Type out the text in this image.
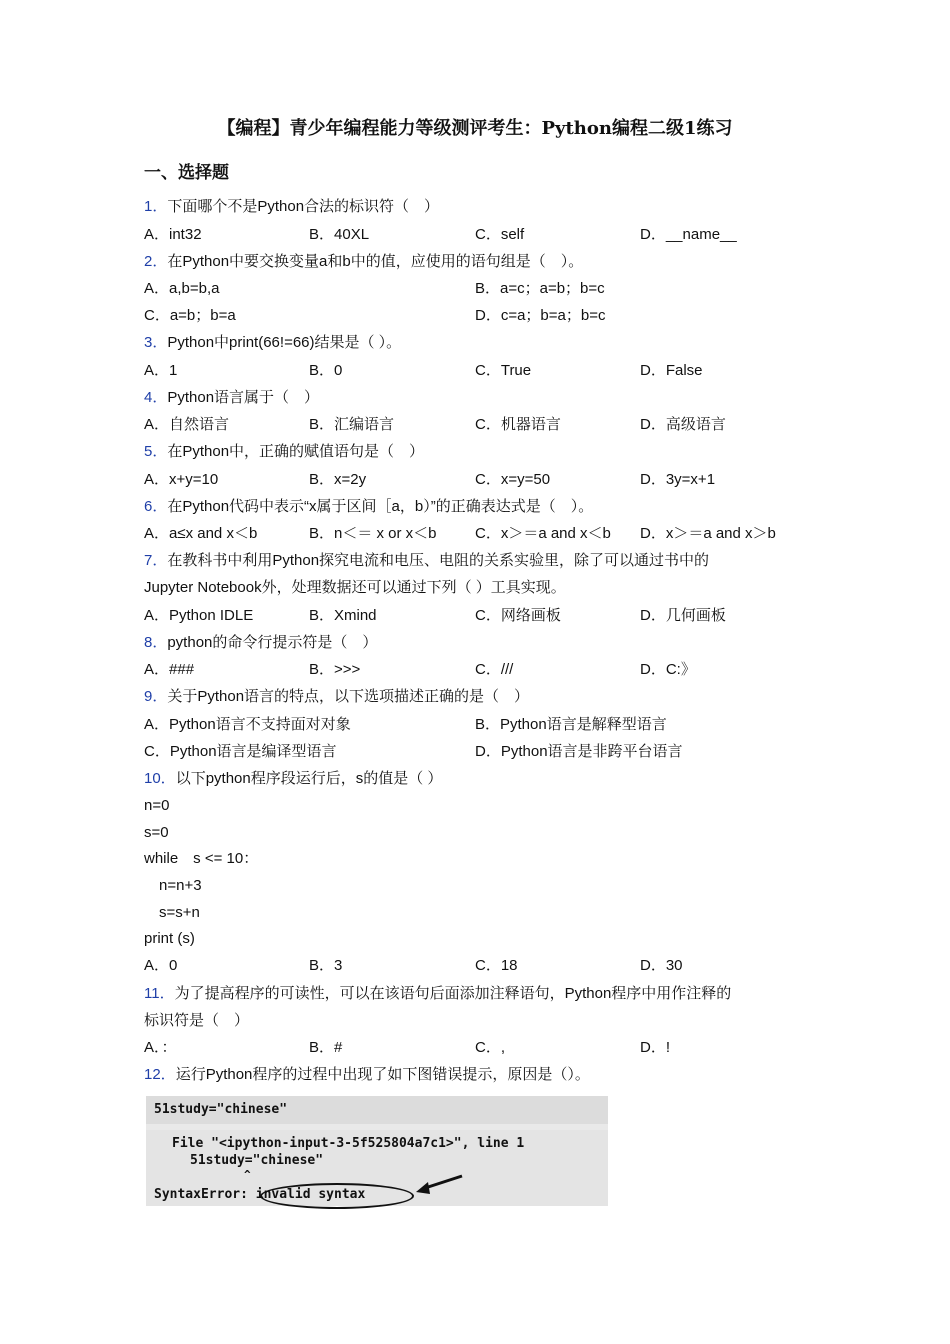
【编程】青少年编程能力等级测评考生：Python编程二级1练习
一、选择题
1．下面哪个不是Python合法的标识符（　）
A．int32	B．40XL	C．self	D．__name__
2．在Python中要交换变量a和b中的值，应使用的语句组是（　）。
A．a,b=b,a	B．a=c；a=b；b=c
C．a=b；b=a	D．c=a；b=a；b=c
3．Python中print(66!=66)结果是（ ）。
A．1	B．0	C．True	D．False
4．Python语言属于（　）
A．自然语言	B．汇编语言	C．机器语言	D．高级语言
5．在Python中，正确的赋值语句是（　）
A．x+y=10	B．x=2y	C．x=y=50	D．3y=x+1
6．在Python代码中表示“x属于区间［a，b）”的正确表达式是（　）。
A．a≤x and x＜b	B．n＜＝ x or x＜b	C．x＞＝a and x＜b D．x＞＝a and x＞b
7．在教科书中利用Python探究电流和电压、电阻的关系实验里，除了可以通过书中的
Jupyter Notebook外，处理数据还可以通过下列（ ）工具实现。
A．Python IDLE	B．Xmind	C．网络画板	D．几何画板
8．python的命令行提示符是（　）
A．###	B．>>>	C．///	D．C:》
9．关于Python语言的特点，以下选项描述正确的是（　）
A．Python语言不支持面对对象	B．Python语言是解释型语言
C．Python语言是编译型语言	D．Python语言是非跨平台语言
10．以下python程序段运行后，s的值是（ ）
n=0
s=0
while　s <= 10：
n=n+3
s=s+n
print (s)
A．0	B．3	C．18	D．30
11．为了提高程序的可读性，可以在该语句后面添加注释语句，Python程序中用作注释的
标识符是（　）
A．：	B．#	C．,	D．!
12．运行Python程序的过程中出现了如下图错误提示，原因是（）。
51study="chinese"
File "<ipython-input-3-5f525804a7c1>", line 1
51study="chinese"
^
SyntaxError: invalid syntax
